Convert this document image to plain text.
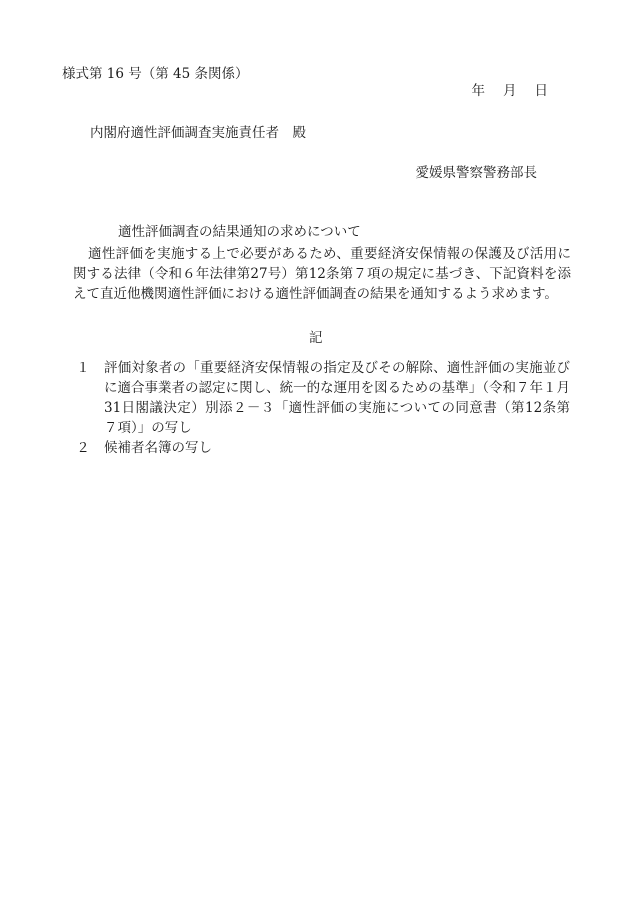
様式第 16 号（第 45 条関係）
年 月 日
内閣府適性評価調査実施責任者　殿
愛媛県警察警務部長
適性評価調査の結果通知の求めについて
適性評価を実施する上で必要があるため、重要経済安保情報の保護及び活用に関する法律（令和６年法律第27号）第12条第７項の規定に基づき、下記資料を添えて直近他機関適性評価における適性評価調査の結果を通知するよう求めます。
記
１	評価対象者の「重要経済安保情報の指定及びその解除、適性評価の実施並びに適合事業者の認定に関し、統一的な運用を図るための基準」（令和７年１月31日閣議決定）別添２－３「適性評価の実施についての同意書（第12条第７項）」の写し
２	候補者名簿の写し
